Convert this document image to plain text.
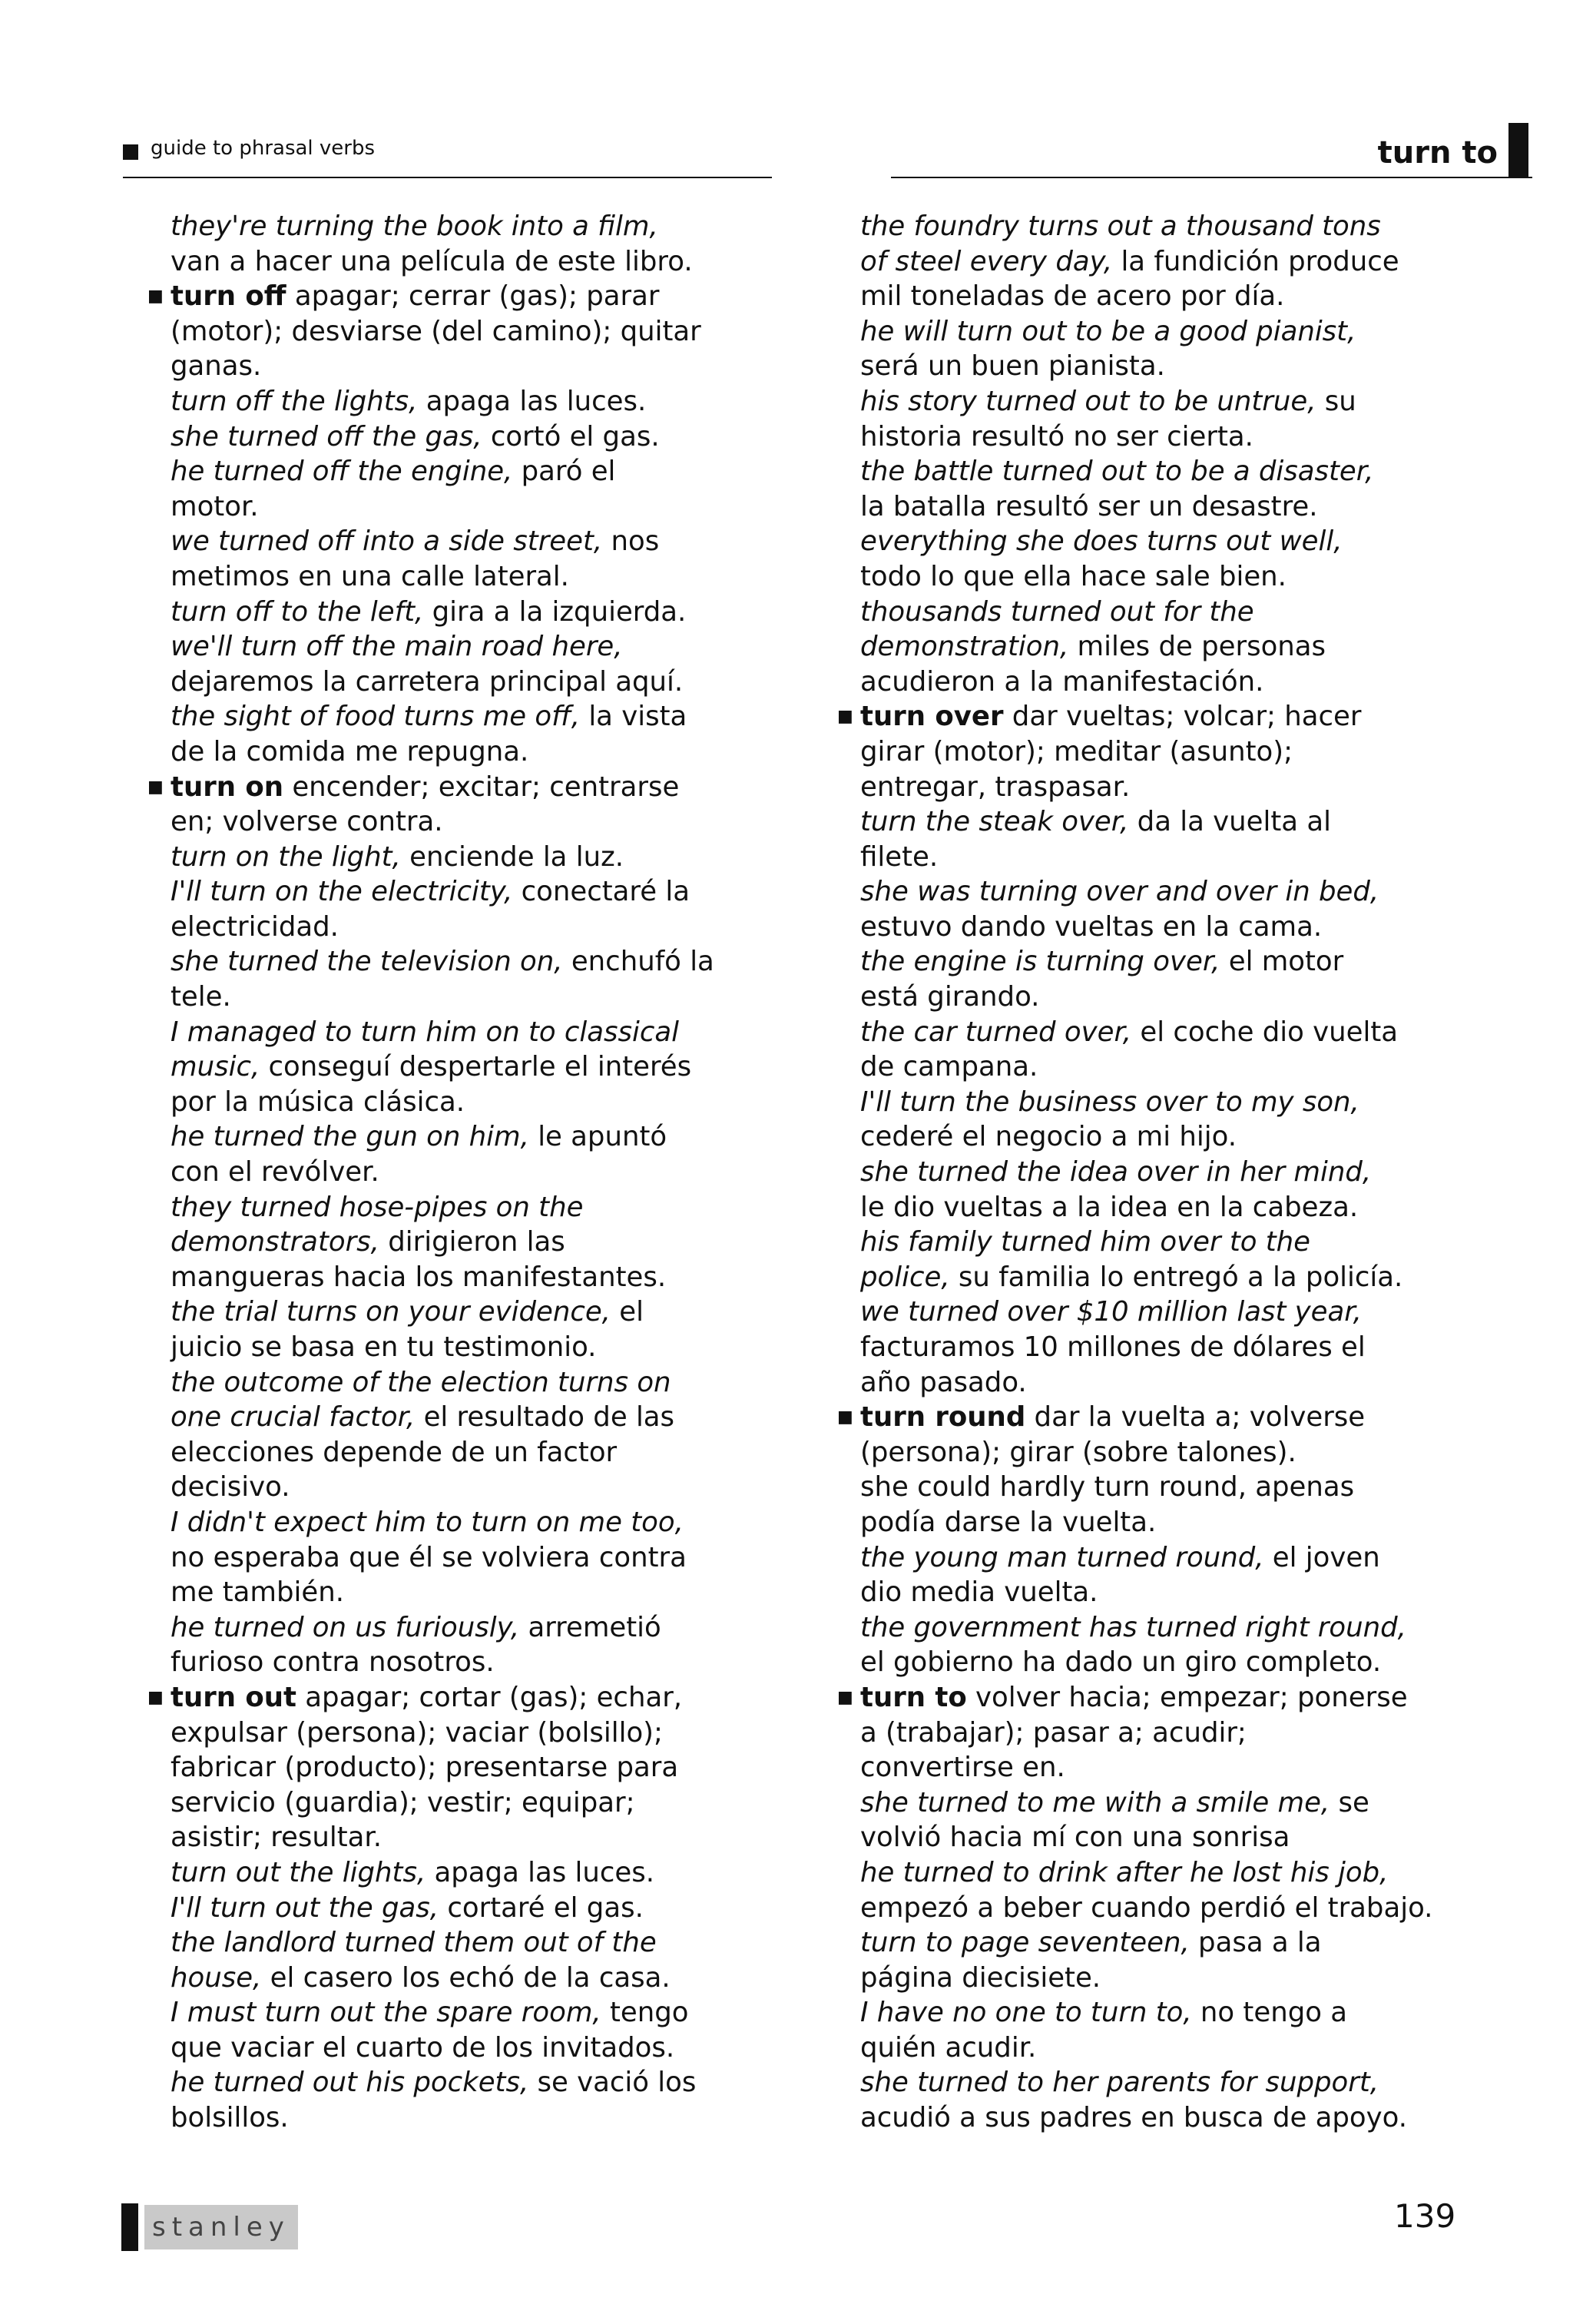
guide to phrasal verbs	turn to
they're turning the book into a film,
van a hacer una película de este libro.
■ turn off apagar; cerrar (gas); parar
(motor); desviarse (del camino); quitar
ganas.
turn off the lights, apaga las luces.
she turned off the gas, cortó el gas.
he turned off the engine, paró el
motor.
we turned off into a side street, nos
metimos en una calle lateral.
turn off to the left, gira a la izquierda.
we'll turn off the main road here,
dejaremos la carretera principal aquí.
the sight of food turns me off, la vista
de la comida me repugna.
■ turn on encender; excitar; centrarse
en; volverse contra.
turn on the light, enciende la luz.
I'll turn on the electricity, conectaré la
electricidad.
she turned the television on, enchufó la
tele.
I managed to turn him on to classical
music, conseguí despertarle el interés
por la música clásica.
he turned the gun on him, le apuntó
con el revólver.
they turned hose-pipes on the
demonstrators, dirigieron las
mangueras hacia los manifestantes.
the trial turns on your evidence, el
juicio se basa en tu testimonio.
the outcome of the election turns on
one crucial factor, el resultado de las
elecciones depende de un factor
decisivo.
I didn't expect him to turn on me too,
no esperaba que él se volviera contra
me también.
he turned on us furiously, arremetió
furioso contra nosotros.
■ turn out apagar; cortar (gas); echar,
expulsar (persona); vaciar (bolsillo);
fabricar (producto); presentarse para
servicio (guardia); vestir; equipar;
asistir; resultar.
turn out the lights, apaga las luces.
I'll turn out the gas, cortaré el gas.
the landlord turned them out of the
house, el casero los echó de la casa.
I must turn out the spare room, tengo
que vaciar el cuarto de los invitados.
he turned out his pockets, se vació los
bolsillos.
the foundry turns out a thousand tons
of steel every day, la fundición produce
mil toneladas de acero por día.
he will turn out to be a good pianist,
será un buen pianista.
his story turned out to be untrue, su
historia resultó no ser cierta.
the battle turned out to be a disaster,
la batalla resultó ser un desastre.
everything she does turns out well,
todo lo que ella hace sale bien.
thousands turned out for the
demonstration, miles de personas
acudieron a la manifestación.
■ turn over dar vueltas; volcar; hacer
girar (motor); meditar (asunto);
entregar, traspasar.
turn the steak over, da la vuelta al
filete.
she was turning over and over in bed,
estuvo dando vueltas en la cama.
the engine is turning over, el motor
está girando.
the car turned over, el coche dio vuelta
de campana.
I'll turn the business over to my son,
cederé el negocio a mi hijo.
she turned the idea over in her mind,
le dio vueltas a la idea en la cabeza.
his family turned him over to the
police, su familia lo entregó a la policía.
we turned over $10 million last year,
facturamos 10 millones de dólares el
año pasado.
■ turn round dar la vuelta a; volverse
(persona); girar (sobre talones).
she could hardly turn round, apenas
podía darse la vuelta.
the young man turned round, el joven
dio media vuelta.
the government has turned right round,
el gobierno ha dado un giro completo.
■ turn to volver hacia; empezar; ponerse
a (trabajar); pasar a; acudir;
convertirse en.
she turned to me with a smile me, se
volvió hacia mí con una sonrisa
he turned to drink after he lost his job,
empezó a beber cuando perdió el trabajo.
turn to page seventeen, pasa a la
página diecisiete.
I have no one to turn to, no tengo a
quién acudir.
she turned to her parents for support,
acudió a sus padres en busca de apoyo.
stanley	139
